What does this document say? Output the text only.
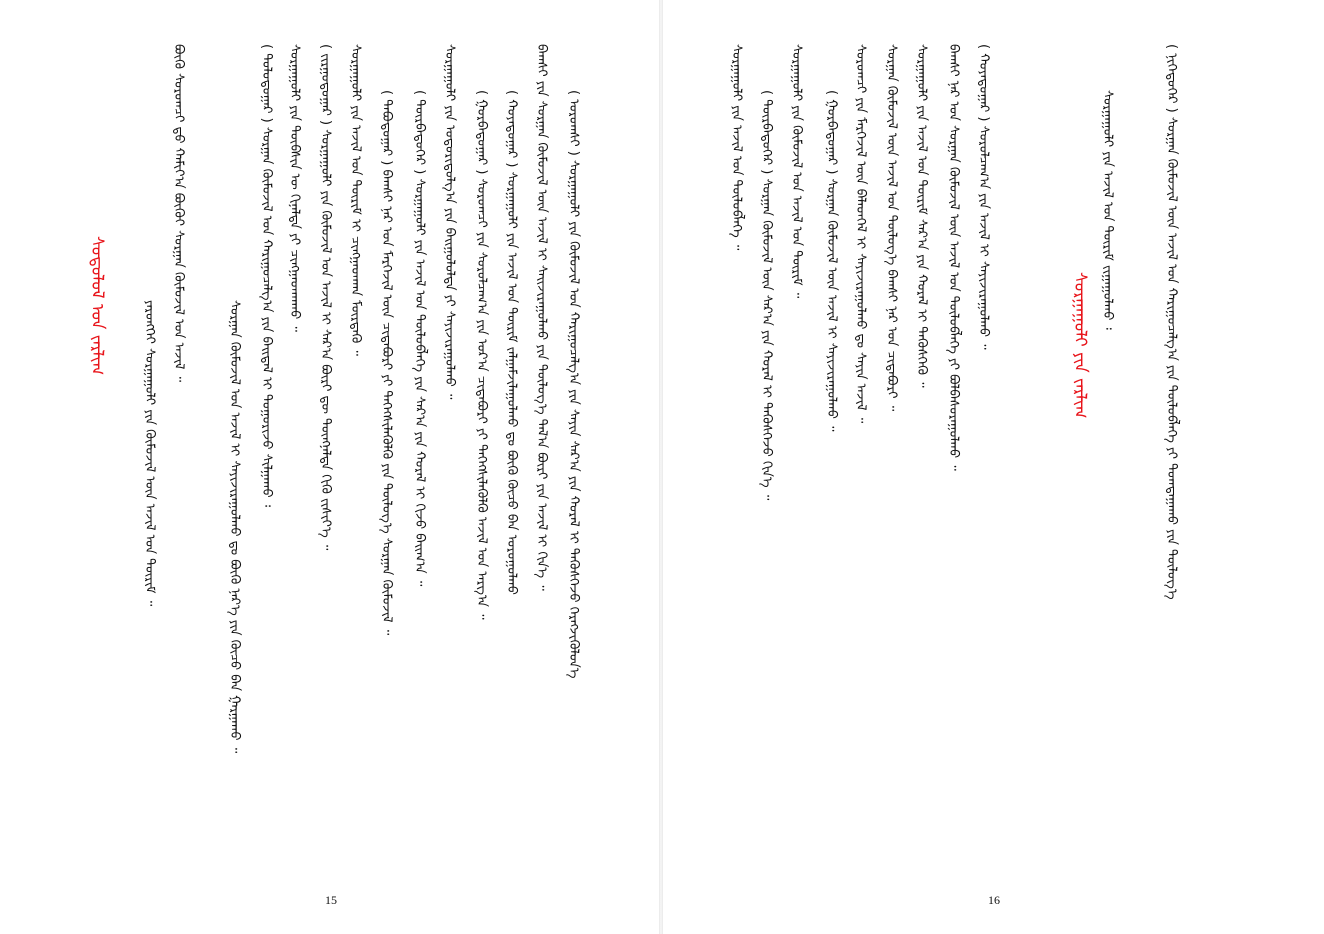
ᠰᠤᠳᠤᠯᠤᠯ ᠤᠨ ᠵᠠᠷᠯᠢᠭ	ᠶᠡᠷᠦᠩᠬᠡᠢ ᠰᠤᠷᠭᠠᠭᠤᠯᠢ ᠶᠢᠨ ᠬᠦᠮᠦᠵᠢᠯ ᠦᠨ ᠠᠵᠢᠯ ᠤᠨ ᠳᠦᠷᠢᠮ ᠃
ᠪᠦᠬᠦ ᠰᠤᠷᠤᠭᠴᠢ ᠳ᠋ᠤ ᠬᠠᠮᠢᠶ᠎ᠠ ᠪᠦᠬᠦᠢ ᠰᠤᠷᠭᠠᠨ ᠬᠦᠮᠦᠵᠢᠯ ᠤᠨ ᠠᠵᠢᠯ ᠃
ᠰᠤᠷᠭᠠᠨ ᠬᠦᠮᠦᠵᠢᠯ ᠤᠨ ᠠᠵᠢᠯ ᠢ ᠰᠠᠶᠢᠵᠢᠷᠠᠭᠤᠯᠬᠤ ᠳᠤ ᠪᠦᠬᠦ ᠨᠡᠷ᠎ᠡ ᠶᠢᠨ ᠬᠦᠴᠦ ᠪᠡᠨ ᠭᠠᠷᠭᠠᠬᠤ ᠃
( ᠳᠣᠯᠣᠳᠤᠭᠠᠷ ) ᠰᠤᠷᠭᠠᠨ ᠬᠦᠮᠦᠵᠢᠯ ᠤᠨ ᠬᠠᠷᠢᠭᠤᠴᠠᠯᠭ᠎ᠠ ᠶᠢᠨ ᠪᠠᠢᠳᠠᠯ ᠢ ᠲᠤᠭᠤᠷᠢᠵᠤ ᠰᠢᠯᠭᠠᠬᠤ ᠄ ᠰᠤᠷᠭᠠᠭᠤᠯᠢ ᠶᠢᠨ ᠲᠦᠪᠰᠢᠨ ᠦ ᠬᠢᠨᠠᠯᠲᠠ ᠶᠢ ᠴᠢᠩᠭᠠᠳᠬᠠᠬᠤ ᠃ ( ᠵᠢᠷᠭᠤᠳᠤᠭᠠᠷ ) ᠰᠤᠷᠭᠠᠭᠤᠯᠢ ᠶᠢᠨ ᠬᠦᠮᠦᠵᠢᠯ ᠤᠨ ᠠᠵᠢᠯ ᠢ ᠰᠠᠷ᠎ᠠ ᠪᠦᠷᠢ ᠳᠦ ᠳᠦᠩᠨᠡᠯᠲᠡ ᠬᠢᠬᠦ ᠵᠢᠱᠢᠶ᠎ᠡ ᠃ ᠰᠤᠷᠭᠠᠭᠤᠯᠢ ᠶᠢᠨ ᠠᠵᠢᠯ ᠤᠨ ᠳᠦᠷᠢᠮ ᠢ ᠴᠢᠩᠭᠠᠳᠬᠠᠨ ᠮᠥᠷᠳᠡᠬᠦ ᠃ ( ᠲᠠᠪᠤᠳᠤᠭᠠᠷ ) ᠪᠠᠭᠰᠢ ᠨᠠᠷ ᠤᠨ ᠮᠡᠷᠭᠡᠵᠢᠯ ᠦᠨ ᠴᠢᠳᠠᠪᠤᠷᠢ ᠶᠢ ᠳᠡᠭᠡᠭᠰᠢᠯᠡᠭᠦᠯᠬᠦ ᠶᠢᠨ ᠲᠥᠯᠦᠭ᠎ᠡ ᠰᠤᠷᠭᠠᠨ ᠬᠦᠮᠦᠵᠢᠯ ᠃ ( ᠳᠦᠷᠪᠡᠳᠦᠭᠡᠷ ) ᠰᠤᠷᠭᠠᠭᠤᠯᠢ ᠶᠢᠨ ᠠᠵᠢᠯ ᠤᠨ ᠲᠥᠯᠦᠪᠯᠡᠭᠡ ᠶᠢᠨ ᠰᠠᠷ᠎ᠠ ᠶᠢᠨ ᠬᠤᠷᠠᠯ ᠢ ᠬᠢᠵᠦ ᠪᠠᠢᠭ᠎ᠠ ᠃ ᠰᠤᠷᠭᠠᠭᠤᠯᠢ ᠶᠢᠨ ᠤᠳᠤᠷᠢᠳᠤᠯᠭ᠎ᠠ ᠶᠢᠨ ᠪᠠᠢᠭᠤᠯᠤᠯᠲᠠ ᠶᠢ ᠰᠠᠶᠢᠵᠢᠷᠠᠭᠤᠯᠬᠤ ᠃ ( ᠭᠤᠷᠪᠠᠳᠤᠭᠠᠷ ) ᠰᠤᠷᠤᠭᠴᠢ ᠶᠢᠨ ᠰᠤᠷᠤᠯᠴᠠᠭ᠎ᠠ ᠶᠢᠨ ᠤᠷ᠎ᠠ ᠴᠢᠳᠠᠪᠤᠷᠢ ᠶᠢ ᠳᠡᠭᠡᠭᠰᠢᠯᠡᠭᠦᠯᠬᠦ ᠠᠵᠢᠯ ᠤᠨ ᠠᠷᠭ᠎ᠠ ᠃ ( ᠬᠣᠶᠠᠳᠤᠭᠠᠷ ) ᠰᠤᠷᠭᠠᠭᠤᠯᠢ ᠶᠢᠨ ᠠᠵᠢᠯ ᠤᠨ ᠳᠦᠷᠢᠮ ᠵᠠᠯᠭᠠᠮᠵᠢᠯᠠᠭᠤᠯᠬᠤ ᠳᠤ ᠪᠦᠬᠦ ᠬᠦᠴᠦ ᠪᠡᠨ ᠣᠷᠣᠭᠤᠯᠬᠤ ᠪᠠᠭᠰᠢ ᠶᠢᠨ ᠰᠤᠷᠭᠠᠨ ᠬᠦᠮᠦᠵᠢᠯ ᠦᠨ ᠠᠵᠢᠯ ᠢ ᠰᠠᠢᠵᠢᠷᠠᠭᠤᠯᠬᠤ ᠶᠢᠨ ᠲᠥᠯᠦᠭ᠎ᠡ ᠲᠠᠯ᠎ᠠ ᠪᠦᠷᠢ ᠶᠢᠨ ᠠᠵᠢᠯ ᠢ ᠬᠢᠨ᠎ᠡ ᠃ ( ᠤᠷᠤᠭᠰᠢ ) ᠰᠤᠷᠭᠠᠭᠤᠯᠢ ᠶᠢᠨ ᠬᠦᠮᠦᠵᠢᠯ ᠤᠨ ᠬᠠᠷᠢᠭᠤᠴᠠᠯᠭ᠎ᠠ ᠶᠢᠨ ᠰᠠᠶᠢᠨ ᠰᠠᠷ᠎ᠠ ᠶᠢᠨ ᠬᠤᠷᠠᠯ ᠢ ᠲᠡᠭᠦᠰᠬᠡᠵᠦ ᠬᠡᠷᠡᠭᠵᠢᠭᠦᠯᠦᠨ᠎ᠡ
15
ᠰᠤᠷᠭᠠᠭᠤᠯᠢ ᠶᠢᠨ ᠠᠵᠢᠯ ᠤᠨ ᠲᠥᠯᠦᠪᠯᠡᠭᠡ ᠃ ( ᠳᠦᠷᠪᠡᠳᠦᠭᠡᠷ ) ᠰᠤᠷᠭᠠᠨ ᠬᠦᠮᠦᠵᠢᠯ ᠦᠨ ᠰᠠᠷ᠎ᠠ ᠶᠢᠨ ᠬᠤᠷᠠᠯ ᠢ ᠲᠡᠭᠦᠰᠬᠡᠵᠦ ᠬᠢᠨ᠎ᠡ ᠃ ᠰᠤᠷᠭᠠᠭᠤᠯᠢ ᠶᠢᠨ ᠬᠦᠮᠦᠵᠢᠯ ᠤᠨ ᠠᠵᠢᠯ ᠤᠨ ᠳᠦᠷᠢᠮ ᠃ ( ᠭᠤᠷᠪᠠᠳᠤᠭᠠᠷ ) ᠰᠤᠷᠭᠠᠨ ᠬᠦᠮᠦᠵᠢᠯ ᠦᠨ ᠠᠵᠢᠯ ᠢ ᠰᠠᠶᠢᠵᠢᠷᠠᠭᠤᠯᠬᠤ ᠃ ᠰᠤᠷᠤᠭᠴᠢ ᠶᠢᠨ ᠮᠡᠷᠭᠡᠵᠢᠯ ᠦᠨ ᠪᠡᠯᠡᠳᠬᠡᠯ ᠢ ᠰᠠᠶᠢᠵᠢᠷᠠᠭᠤᠯᠬᠤ ᠳᠤ ᠰᠠᠶᠢᠨ ᠠᠵᠢᠯ ᠃ ᠰᠤᠷᠭᠠᠨ ᠬᠦᠮᠦᠵᠢᠯ ᠦᠨ ᠠᠵᠢᠯ ᠤᠨ ᠲᠥᠯᠦᠭ᠎ᠡ ᠪᠠᠭᠰᠢ ᠨᠠᠷ ᠤᠨ ᠴᠢᠳᠠᠪᠤᠷᠢ ᠃ ᠰᠤᠷᠭᠠᠭᠤᠯᠢ ᠶᠢᠨ ᠠᠵᠢᠯ ᠤᠨ ᠳᠦᠷᠢᠮ ᠰᠠᠷ᠎ᠠ ᠶᠢᠨ ᠬᠤᠷᠠᠯ ᠢ ᠲᠡᠭᠦᠰᠬᠡᠬᠦ ᠃ ᠪᠠᠭᠰᠢ ᠨᠠᠷ ᠤᠨ ᠰᠤᠷᠭᠠᠨ ᠬᠦᠮᠦᠵᠢᠯ ᠦᠨ ᠠᠵᠢᠯ ᠤᠨ ᠲᠥᠯᠦᠪᠯᠡᠭᠡ ᠶᠢ ᠪᠣᠯᠪᠠᠰᠤᠷᠠᠭᠤᠯᠬᠤ ᠃ ( ᠬᠣᠶᠠᠳᠤᠭᠠᠷ ) ᠰᠤᠷᠤᠯᠴᠠᠭ᠎ᠠ ᠶᠢᠨ ᠠᠵᠢᠯ ᠢ ᠰᠠᠶᠢᠵᠢᠷᠠᠭᠤᠯᠬᠤ ᠃	ᠰᠤᠷᠭᠠᠭᠤᠯᠢ ᠶᠢᠨ ᠵᠠᠷᠯᠢᠭ
ᠰᠤᠷᠭᠠᠭᠤᠯᠢ ᠶᠢᠨ ᠠᠵᠢᠯ ᠤᠨ ᠳᠦᠷᠢᠮ ᠵᠢᠭᠠᠭᠤᠯᠬᠤ ᠄	( ᠨᠢᠭᠡᠳᠦᠭᠡᠷ ) ᠰᠤᠷᠭᠠᠨ ᠬᠦᠮᠦᠵᠢᠯ ᠦᠨ ᠠᠵᠢᠯ ᠤᠨ ᠬᠠᠷᠢᠭᠤᠴᠠᠯᠭ᠎ᠠ ᠶᠢᠨ ᠲᠥᠯᠦᠪᠯᠡᠭᠡ ᠶᠢ ᠲᠣᠭᠲᠠᠭᠠᠬᠤ ᠶᠢᠨ ᠲᠥᠯᠦᠭ᠎ᠡ
16
